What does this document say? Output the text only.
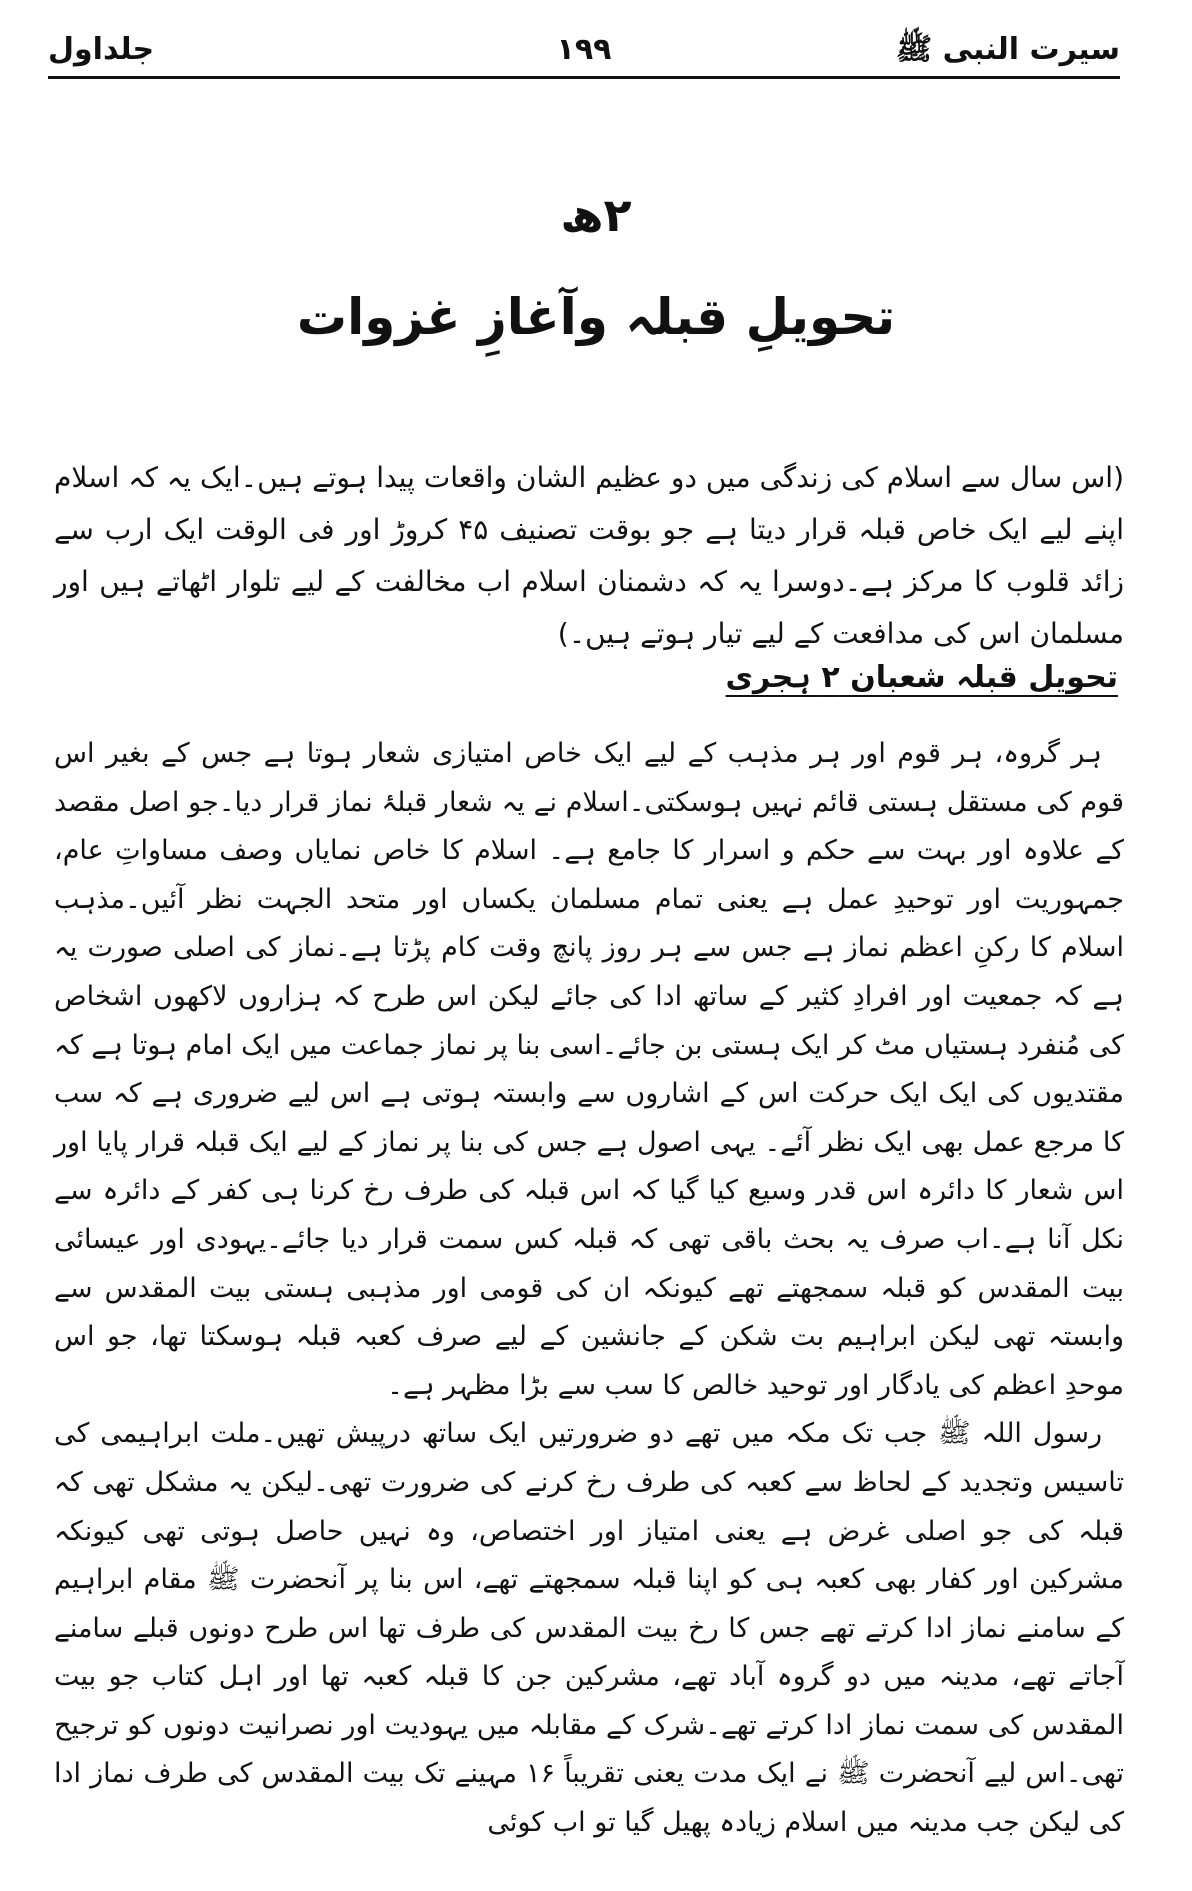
سیرت النبی ﷺ
۱۹۹
جلداول
۲ھ
تحویلِ قبلہ وآغازِ غزوات

(اس سال سے اسلام کی زندگی میں دو عظیم الشان واقعات پیدا ہوتے ہیں۔ایک یہ کہ اسلام اپنے لیے ایک خاص قبلہ قرار دیتا ہے جو بوقت تصنیف ۴۵ کروڑ اور فی الوقت ایک ارب سے زائد قلوب کا مرکز ہے۔دوسرا یہ کہ دشمنان اسلام اب مخالفت کے لیے تلوار اٹھاتے ہیں اور مسلمان اس کی مدافعت کے لیے تیار ہوتے ہیں۔)

تحویل قبلہ شعبان ۲ ہجری

ہر گروہ، ہر قوم اور ہر مذہب کے لیے ایک خاص امتیازی شعار ہوتا ہے جس کے بغیر اس قوم کی مستقل ہستی قائم نہیں ہوسکتی۔اسلام نے یہ شعار قبلۂ نماز قرار دیا۔جو اصل مقصد کے علاوہ اور بہت سے حکم و اسرار کا جامع ہے۔ اسلام کا خاص نمایاں وصف مساواتِ عام، جمہوریت اور توحیدِ عمل ہے یعنی تمام مسلمان یکساں اور متحد الجہت نظر آئیں۔مذہب اسلام کا رکنِ اعظم نماز ہے جس سے ہر روز پانچ وقت کام پڑتا ہے۔نماز کی اصلی صورت یہ ہے کہ جمعیت اور افرادِ کثیر کے ساتھ ادا کی جائے لیکن اس طرح کہ ہزاروں لاکھوں اشخاص کی مُنفرد ہستیاں مٹ کر ایک ہستی بن جائے۔اسی بنا پر نماز جماعت میں ایک امام ہوتا ہے کہ مقتدیوں کی ایک ایک حرکت اس کے اشاروں سے وابستہ ہوتی ہے اس لیے ضروری ہے کہ سب کا مرجع عمل بھی ایک نظر آئے۔ یہی اصول ہے جس کی بنا پر نماز کے لیے ایک قبلہ قرار پایا اور اس شعار کا دائرہ اس قدر وسیع کیا گیا کہ اس قبلہ کی طرف رخ کرنا ہی کفر کے دائرہ سے نکل آنا ہے۔اب صرف یہ بحث باقی تھی کہ قبلہ کس سمت قرار دیا جائے۔یہودی اور عیسائی بیت المقدس کو قبلہ سمجھتے تھے کیونکہ ان کی قومی اور مذہبی ہستی بیت المقدس سے وابستہ تھی لیکن ابراہیم بت شکن کے جانشین کے لیے صرف کعبہ قبلہ ہوسکتا تھا، جو اس موحدِ اعظم کی یادگار اور توحید خالص کا سب سے بڑا مظہر ہے۔

رسول اللہ ﷺ جب تک مکہ میں تھے دو ضرورتیں ایک ساتھ درپیش تھیں۔ملت ابراہیمی کی تاسیس وتجدید کے لحاظ سے کعبہ کی طرف رخ کرنے کی ضرورت تھی۔لیکن یہ مشکل تھی کہ قبلہ کی جو اصلی غرض ہے یعنی امتیاز اور اختصاص، وہ نہیں حاصل ہوتی تھی کیونکہ مشرکین اور کفار بھی کعبہ ہی کو اپنا قبلہ سمجھتے تھے، اس بنا پر آنحضرت ﷺ مقام ابراہیم کے سامنے نماز ادا کرتے تھے جس کا رخ بیت المقدس کی طرف تھا اس طرح دونوں قبلے سامنے آجاتے تھے، مدینہ میں دو گروہ آباد تھے، مشرکین جن کا قبلہ کعبہ تھا اور اہل کتاب جو بیت المقدس کی سمت نماز ادا کرتے تھے۔شرک کے مقابلہ میں یہودیت اور نصرانیت دونوں کو ترجیح تھی۔اس لیے آنحضرت ﷺ نے ایک مدت یعنی تقریباً ۱۶ مہینے تک بیت المقدس کی طرف نماز ادا کی لیکن جب مدینہ میں اسلام زیادہ پھیل گیا تو اب کوئی
